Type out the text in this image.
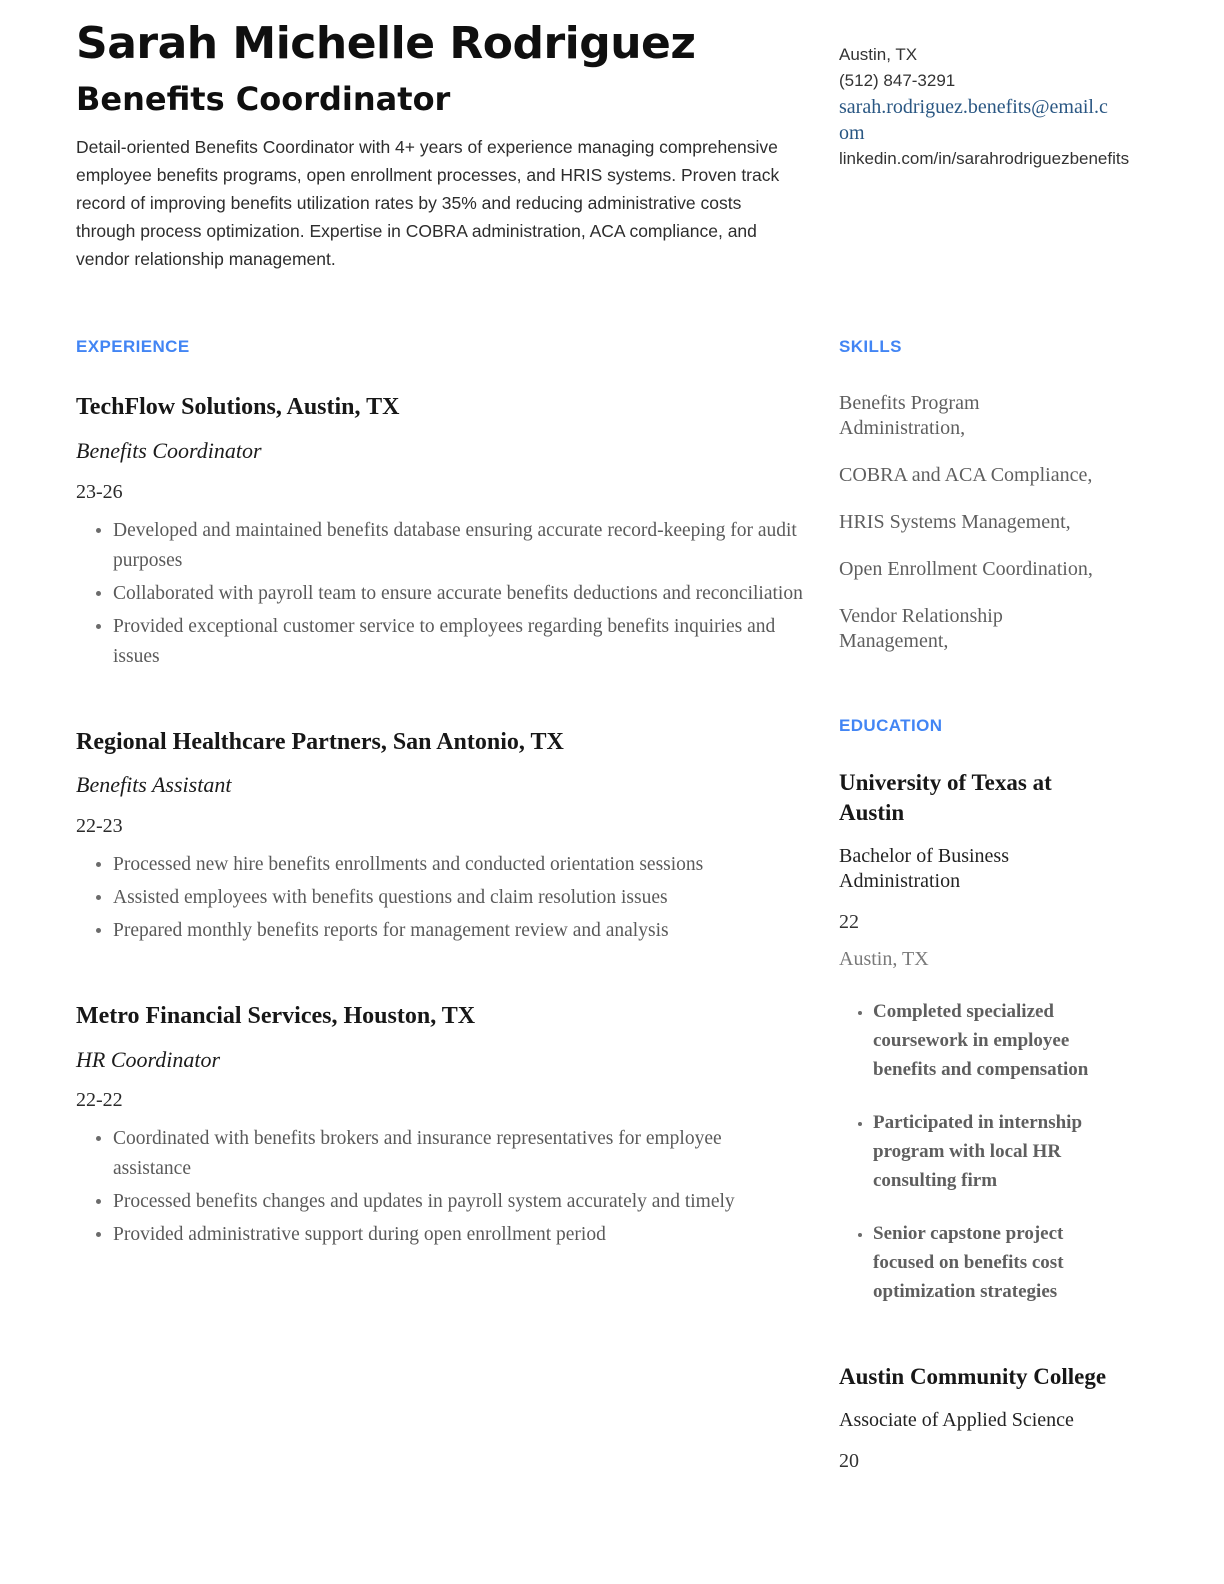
Sarah Michelle Rodriguez
Benefits Coordinator

Detail-oriented Benefits Coordinator with 4+ years of experience managing comprehensive employee benefits programs, open enrollment processes, and HRIS systems. Proven track record of improving benefits utilization rates by 35% and reducing administrative costs through process optimization. Expertise in COBRA administration, ACA compliance, and vendor relationship management.

Austin, TX
(512) 847-3291
sarah.rodriguez.benefits@email.com
linkedin.com/in/sarahrodriguezbenefits
EXPERIENCE
TechFlow Solutions, Austin, TX
Benefits Coordinator
23-26
• Developed and maintained benefits database ensuring accurate record-keeping for audit purposes
• Collaborated with payroll team to ensure accurate benefits deductions and reconciliation
• Provided exceptional customer service to employees regarding benefits inquiries and issues
Regional Healthcare Partners, San Antonio, TX
Benefits Assistant
22-23
• Processed new hire benefits enrollments and conducted orientation sessions
• Assisted employees with benefits questions and claim resolution issues
• Prepared monthly benefits reports for management review and analysis
Metro Financial Services, Houston, TX
HR Coordinator
22-22
• Coordinated with benefits brokers and insurance representatives for employee assistance
• Processed benefits changes and updates in payroll system accurately and timely
• Provided administrative support during open enrollment period
SKILLS
Benefits Program Administration,
COBRA and ACA Compliance,
HRIS Systems Management,
Open Enrollment Coordination,
Vendor Relationship Management,
EDUCATION
University of Texas at Austin
Bachelor of Business Administration
22
Austin, TX
• Completed specialized coursework in employee benefits and compensation
• Participated in internship program with local HR consulting firm
• Senior capstone project focused on benefits cost optimization strategies
Austin Community College
Associate of Applied Science
20
